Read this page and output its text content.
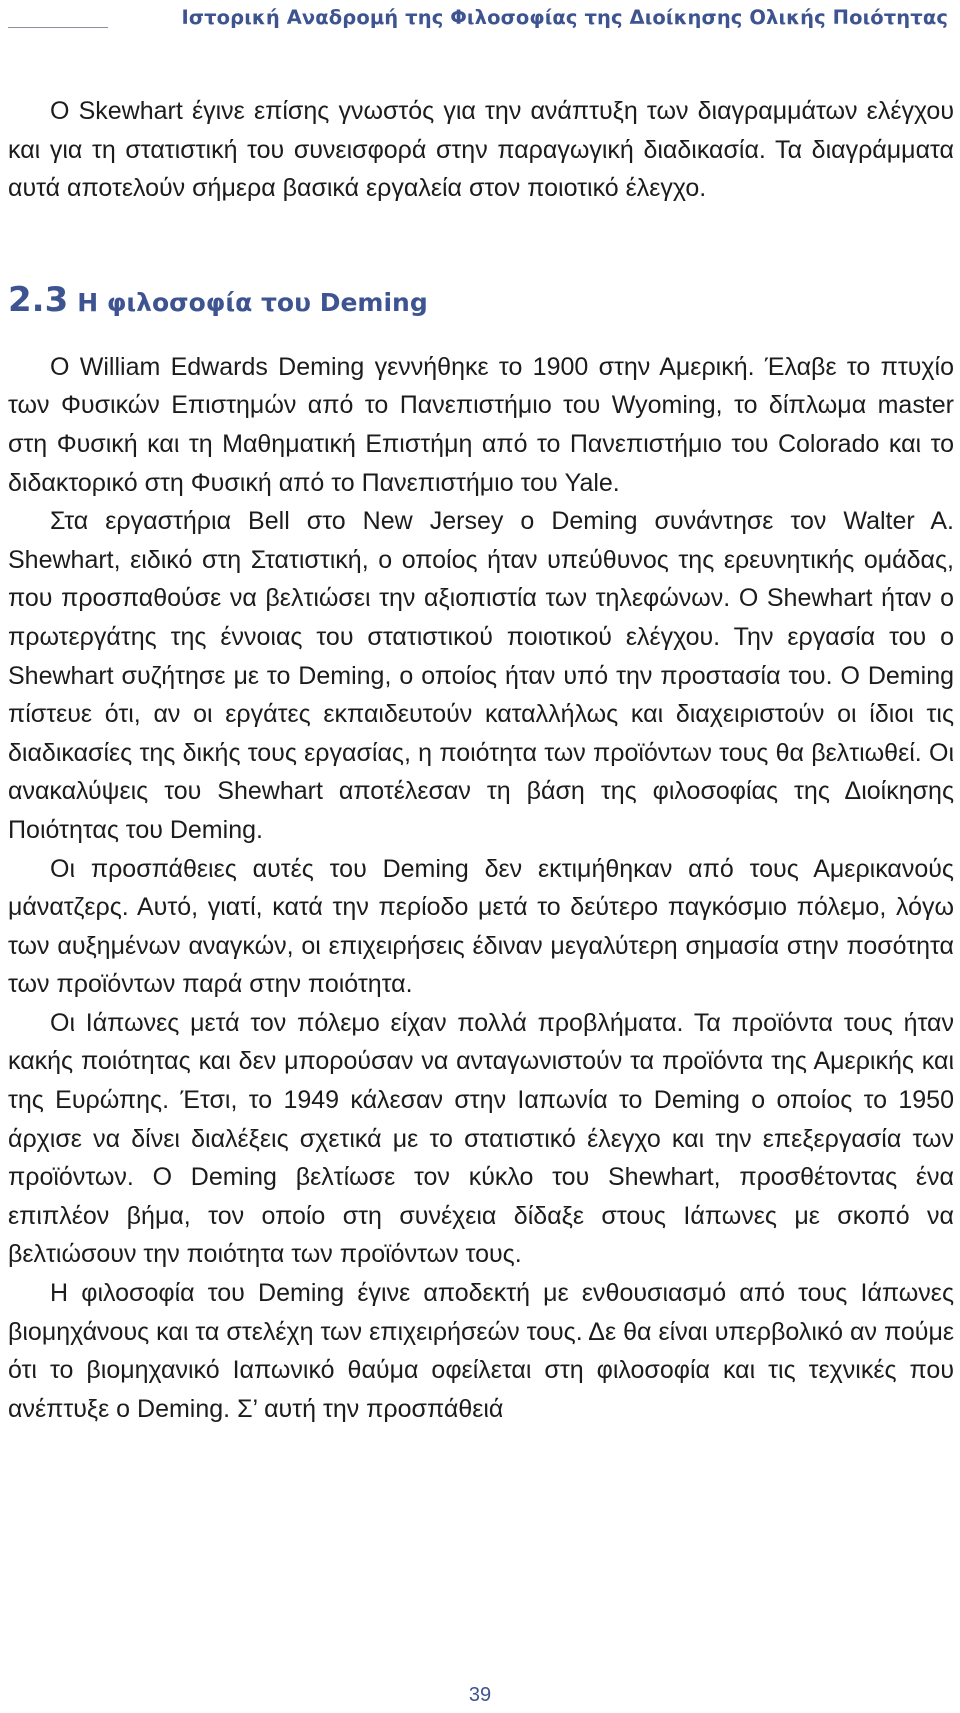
Ιστορική Αναδρομή της Φιλοσοφίας της Διοίκησης Ολικής Ποιότητας

Ο Skewhart έγινε επίσης γνωστός για την ανάπτυξη των διαγραμμάτων ελέγχου και για τη στατιστική του συνεισφορά στην παραγωγική διαδικασία. Τα διαγράμματα αυτά αποτελούν σήμερα βασικά εργαλεία στον ποιοτικό έλεγχο.

2.3 Η φιλοσοφία του Deming

Ο William Edwards Deming γεννήθηκε το 1900 στην Αμερική. Έλαβε το πτυχίο των Φυσικών Επιστημών από το Πανεπιστήμιο του Wyoming, το δίπλωμα master στη Φυσική και τη Μαθηματική Επιστήμη από το Πανεπιστήμιο του Colorado και το διδακτορικό στη Φυσική από το Πανεπιστήμιο του Yale.

Στα εργαστήρια Bell στο New Jersey ο Deming συνάντησε τον Walter A. Shewhart, ειδικό στη Στατιστική, ο οποίος ήταν υπεύθυνος της ερευνητικής ομάδας, που προσπαθούσε να βελτιώσει την αξιοπιστία των τηλεφώνων. Ο Shewhart ήταν ο πρωτεργάτης της έννοιας του στατιστικού ποιοτικού ελέγχου. Την εργασία του ο Shewhart συζήτησε με το Deming, ο οποίος ήταν υπό την προστασία του. Ο Deming πίστευε ότι, αν οι εργάτες εκπαιδευτούν καταλλήλως και διαχειριστούν οι ίδιοι τις διαδικασίες της δικής τους εργασίας, η ποιότητα των προϊόντων τους θα βελτιωθεί. Οι ανακαλύψεις του Shewhart αποτέλεσαν τη βάση της φιλοσοφίας της Διοίκησης Ποιότητας του Deming.

Οι προσπάθειες αυτές του Deming δεν εκτιμήθηκαν από τους Αμερικανούς μάνατζερς. Αυτό, γιατί, κατά την περίοδο μετά το δεύτερο παγκόσμιο πόλεμο, λόγω των αυξημένων αναγκών, οι επιχειρήσεις έδιναν μεγαλύτερη σημασία στην ποσότητα των προϊόντων παρά στην ποιότητα.

Οι Ιάπωνες μετά τον πόλεμο είχαν πολλά προβλήματα. Τα προϊόντα τους ήταν κακής ποιότητας και δεν μπορούσαν να ανταγωνιστούν τα προϊόντα της Αμερικής και της Ευρώπης. Έτσι, το 1949 κάλεσαν στην Ιαπωνία το Deming ο οποίος το 1950 άρχισε να δίνει διαλέξεις σχετικά με το στατιστικό έλεγχο και την επεξεργασία των προϊόντων. Ο Deming βελτίωσε τον κύκλο του Shewhart, προσθέτοντας ένα επιπλέον βήμα, τον οποίο στη συνέχεια δίδαξε στους Ιάπωνες με σκοπό να βελτιώσουν την ποιότητα των προϊόντων τους.

Η φιλοσοφία του Deming έγινε αποδεκτή με ενθουσιασμό από τους Ιάπωνες βιομηχάνους και τα στελέχη των επιχειρήσεών τους. Δε θα είναι υπερβολικό αν πούμε ότι το βιομηχανικό Ιαπωνικό θαύμα οφείλεται στη φιλοσοφία και τις τεχνικές που ανέπτυξε ο Deming. Σ’ αυτή την προσπάθειά

39
